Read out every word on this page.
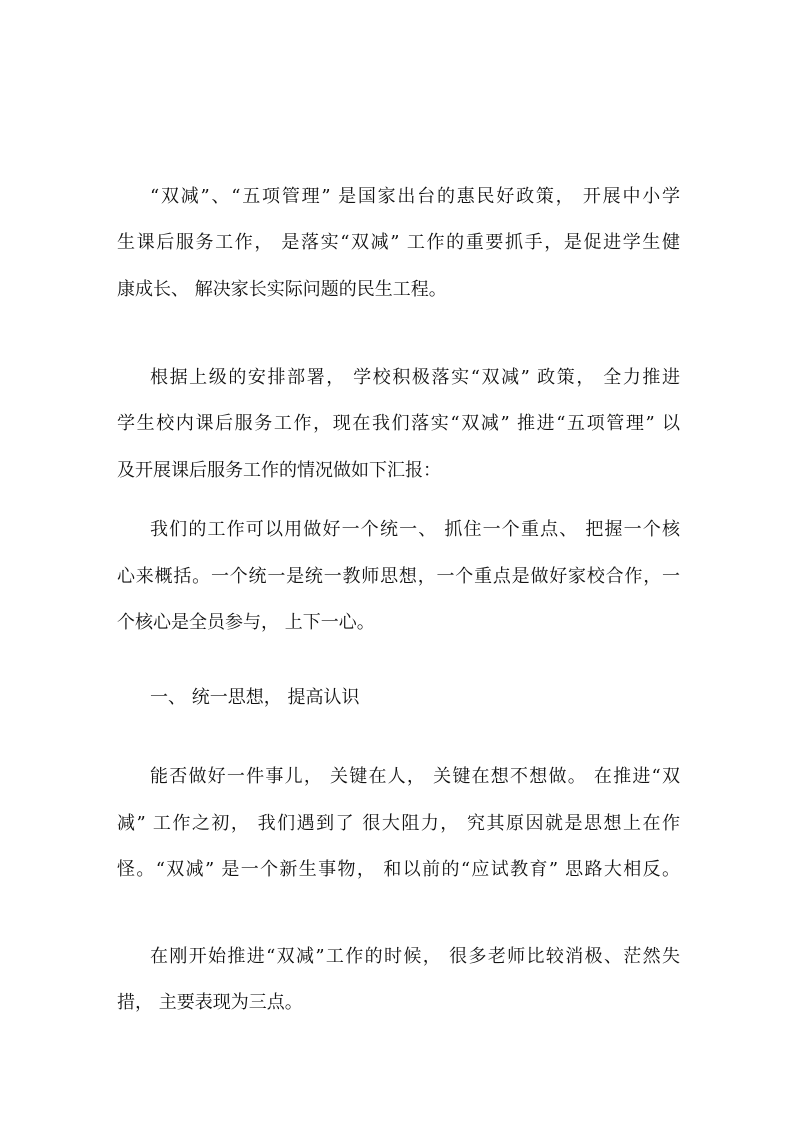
“双减”、“五项管理” 是国家出台的惠民好政策， 开展中小学
生课后服务工作， 是落实“双减” 工作的重要抓手，是促进学生健
康成长、 解决家长实际问题的民生工程。
根据上级的安排部署， 学校积极落实“双减” 政策， 全力推进
学生校内课后服务工作，现在我们落实“双减” 推进“五项管理” 以
及开展课后服务工作的情况做如下汇报：
我们的工作可以用做好一个统一、 抓住一个重点、 把握一个核
心来概括。一个统一是统一教师思想，一个重点是做好家校合作，一
个核心是全员参与， 上下一心。
一、 统一思想， 提高认识
能否做好一件事儿， 关键在人， 关键在想不想做。 在推进“双
减” 工作之初， 我们遇到了 很大阻力， 究其原因就是思想上在作
怪。“双减” 是一个新生事物， 和以前的“应试教育” 思路大相反。
在刚开始推进“双减”工作的时候， 很多老师比较消极、茫然失
措， 主要表现为三点。
